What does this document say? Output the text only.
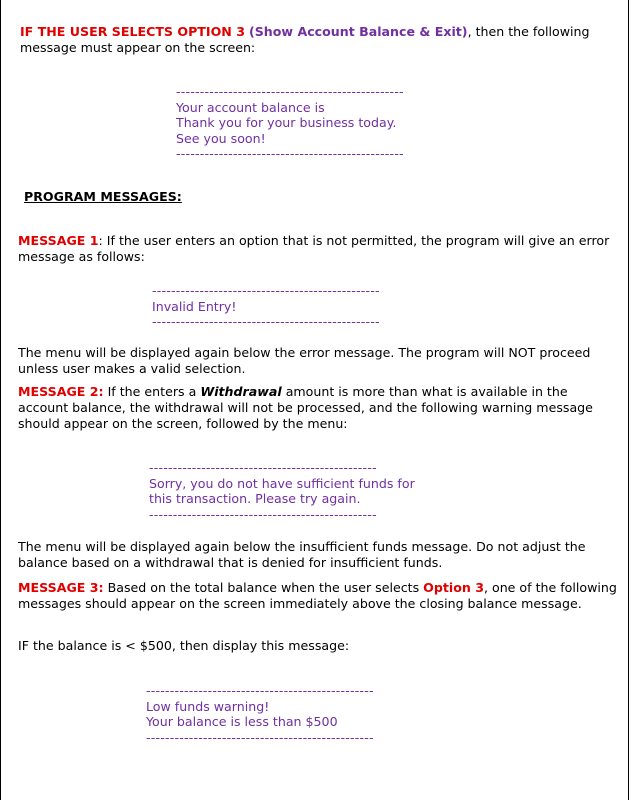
IF THE USER SELECTS OPTION 3 (Show Account Balance & Exit), then the following message must appear on the screen:
------------------------------------------------
Your account balance is
Thank you for your business today.
See you soon!
------------------------------------------------
PROGRAM MESSAGES:
MESSAGE 1: If the user enters an option that is not permitted, the program will give an error message as follows:
------------------------------------------------
Invalid Entry!
------------------------------------------------
The menu will be displayed again below the error message. The program will NOT proceed unless user makes a valid selection.
MESSAGE 2: If the enters a Withdrawal amount is more than what is available in the account balance, the withdrawal will not be processed, and the following warning message should appear on the screen, followed by the menu:
------------------------------------------------
Sorry, you do not have sufficient funds for
this transaction. Please try again.
------------------------------------------------
The menu will be displayed again below the insufficient funds message. Do not adjust the balance based on a withdrawal that is denied for insufficient funds.
MESSAGE 3: Based on the total balance when the user selects Option 3, one of the following messages should appear on the screen immediately above the closing balance message.
IF the balance is < $500, then display this message:
------------------------------------------------
Low funds warning!
Your balance is less than $500
------------------------------------------------
